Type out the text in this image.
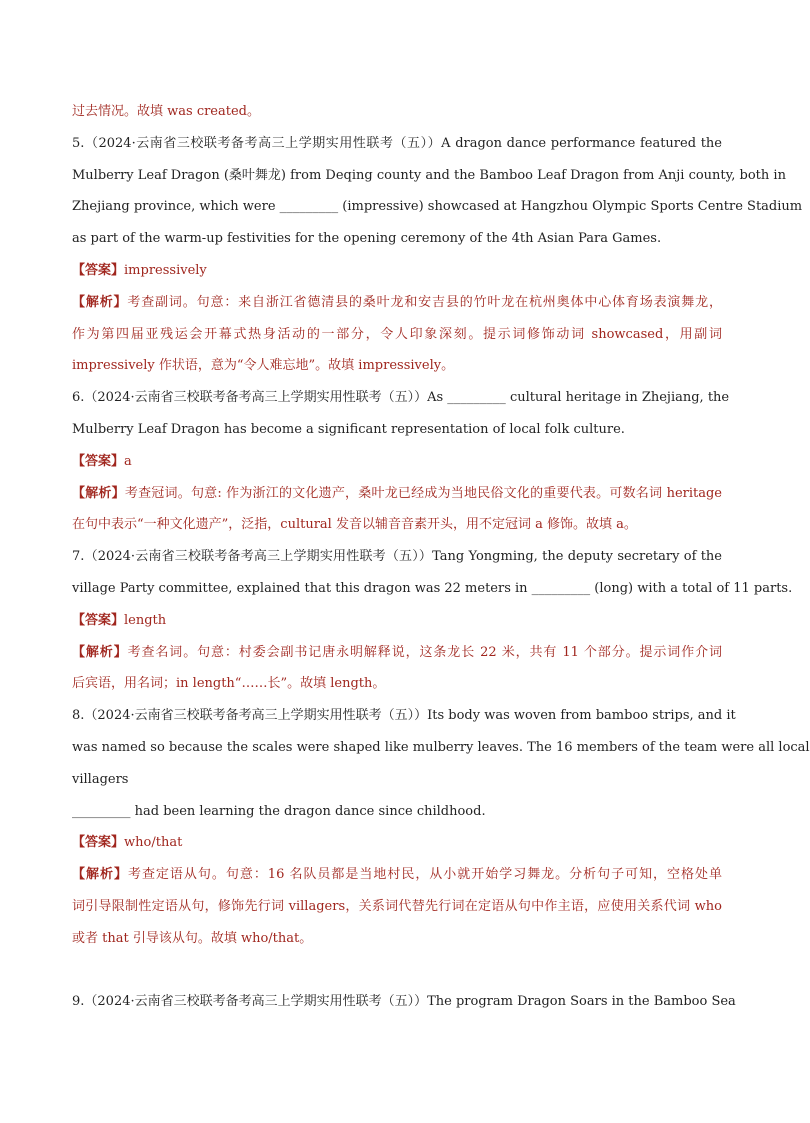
过去情况。故填 was created。
5.（2024·云南省三校联考备考高三上学期实用性联考（五））A dragon dance performance featured the
Mulberry Leaf Dragon (桑叶舞龙) from Deqing county and the Bamboo Leaf Dragon from Anji county, both in
Zhejiang province, which were _________ (impressive) showcased at Hangzhou Olympic Sports Centre Stadium
as part of the warm-up festivities for the opening ceremony of the 4th Asian Para Games.
【答案】impressively
【解析】考查副词。句意：来自浙江省德清县的桑叶龙和安吉县的竹叶龙在杭州奥体中心体育场表演舞龙，
作为第四届亚残运会开幕式热身活动的一部分，令人印象深刻。提示词修饰动词 showcased，用副词
impressively 作状语，意为“令人难忘地”。故填 impressively。
6.（2024·云南省三校联考备考高三上学期实用性联考（五））As _________ cultural heritage in Zhejiang, the
Mulberry Leaf Dragon has become a significant representation of local folk culture.
【答案】a
【解析】考查冠词。句意: 作为浙江的文化遗产，桑叶龙已经成为当地民俗文化的重要代表。可数名词 heritage
在句中表示“一种文化遗产”，泛指，cultural 发音以辅音音素开头，用不定冠词 a 修饰。故填 a。
7.（2024·云南省三校联考备考高三上学期实用性联考（五））Tang Yongming, the deputy secretary of the
village Party committee, explained that this dragon was 22 meters in _________ (long) with a total of 11 parts.
【答案】length
【解析】考查名词。句意：村委会副书记唐永明解释说，这条龙长 22 米，共有 11 个部分。提示词作介词
后宾语，用名词；in length“……长”。故填 length。
8.（2024·云南省三校联考备考高三上学期实用性联考（五））Its body was woven from bamboo strips, and it
was named so because the scales were shaped like mulberry leaves. The 16 members of the team were all local
villagers
_________ had been learning the dragon dance since childhood.
【答案】who/that
【解析】考查定语从句。句意：16 名队员都是当地村民，从小就开始学习舞龙。分析句子可知，空格处单
词引导限制性定语从句，修饰先行词 villagers，关系词代替先行词在定语从句中作主语，应使用关系代词 who
或者 that 引导该从句。故填 who/that。
9.（2024·云南省三校联考备考高三上学期实用性联考（五））The program Dragon Soars in the Bamboo Sea
